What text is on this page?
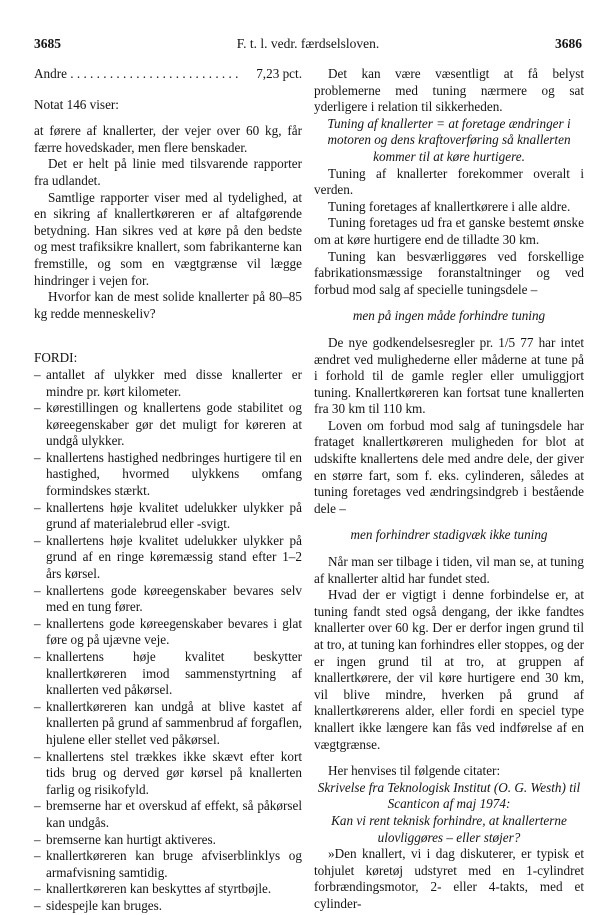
3685	F. t. l. vedr. færdselsloven.	3686
Andre . . . . . . . . . . . . . . . . . . . . . . . . . . 7,23 pct.

Notat 146 viser:

at førere af knallerter, der vejer over 60 kg, får færre hovedskader, men flere benskader.

Det er helt på linie med tilsvarende rapporter fra udlandet.

Samtlige rapporter viser med al tydelighed, at en sikring af knallertkøreren er af altafgørende betydning. Han sikres ved at køre på den bedste og mest trafiksikre knallert, som fabrikanterne kan fremstille, og som en vægtgrænse vil lægge hindringer i vejen for.

Hvorfor kan de mest solide knallerter på 80–85 kg redde menneskeliv?

FORDI:

– antallet af ulykker med disse knallerter er mindre pr. kørt kilometer.
– kørestillingen og knallertens gode stabilitet og køreegenskaber gør det muligt for køreren at undgå ulykker.
– knallertens hastighed nedbringes hurtigere til en hastighed, hvormed ulykkens omfang formindskes stærkt.
– knallertens høje kvalitet udelukker ulykker på grund af materialebrud eller -svigt.
– knallertens høje kvalitet udelukker ulykker på grund af en ringe køremæssig stand efter 1–2 års kørsel.
– knallertens gode køreegenskaber bevares selv med en tung fører.
– knallertens gode køreegenskaber bevares i glat føre og på ujævne veje.
– knallertens høje kvalitet beskytter knallertkøreren imod sammenstyrtning af knallerten ved påkørsel.
– knallertkøreren kan undgå at blive kastet af knallerten på grund af sammenbrud af forgaflen, hjulene eller stellet ved påkørsel.
– knallertens stel trækkes ikke skævt efter kort tids brug og derved gør kørsel på knallerten farlig og risikofyld.
– bremserne har et overskud af effekt, så påkørsel kan undgås.
– bremserne kan hurtigt aktiveres.
– knallertkøreren kan bruge afviserblinklys og armafvisning samtidig.
– knallertkøreren kan beskyttes af styrtbøjle.
– sidespejle kan bruges.

Det kan være væsentligt at få belyst problemerne med tuning nærmere og sat yderligere i relation til sikkerheden.

Tuning af knallerter = at foretage ændringer i motoren og dens kraftoverføring så knallerten kommer til at køre hurtigere.

Tuning af knallerter forekommer overalt i verden.

Tuning foretages af knallertkørere i alle aldre.

Tuning foretages ud fra et ganske bestemt ønske om at køre hurtigere end de tilladte 30 km.

Tuning kan besværliggøres ved forskellige fabrikationsmæssige foranstaltninger og ved forbud mod salg af specielle tuningsdele –

men på ingen måde forhindre tuning

De nye godkendelsesregler pr. 1/5 77 har intet ændret ved mulighederne eller måderne at tune på i forhold til de gamle regler eller umuliggjort tuning. Knallertkøreren kan fortsat tune knallerten fra 30 km til 110 km.

Loven om forbud mod salg af tuningsdele har frataget knallertkøreren muligheden for blot at udskifte knallertens dele med andre dele, der giver en større fart, som f. eks. cylinderen, således at tuning foretages ved ændringsindgreb i bestående dele –

men forhindrer stadigvæk ikke tuning

Når man ser tilbage i tiden, vil man se, at tuning af knallerter altid har fundet sted.

Hvad der er vigtigt i denne forbindelse er, at tuning fandt sted også dengang, der ikke fandtes knallerter over 60 kg. Der er derfor ingen grund til at tro, at tuning kan forhindres eller stoppes, og der er ingen grund til at tro, at gruppen af knallertkørere, der vil køre hurtigere end 30 km, vil blive mindre, hverken på grund af knallertkørerens alder, eller fordi en speciel type knallert ikke længere kan fås ved indførelse af en vægtgrænse.

Her henvises til følgende citater:

Skrivelse fra Teknologisk Institut (O. G. Westh) til Scanticon af maj 1974:

Kan vi rent teknisk forhindre, at knallerterne ulovliggøres – eller støjer?

»Den knallert, vi i dag diskuterer, er typisk et tohjulet køretøj udstyret med en 1-cylindret forbrændingsmotor, 2- eller 4-takts, med et cylinder-
